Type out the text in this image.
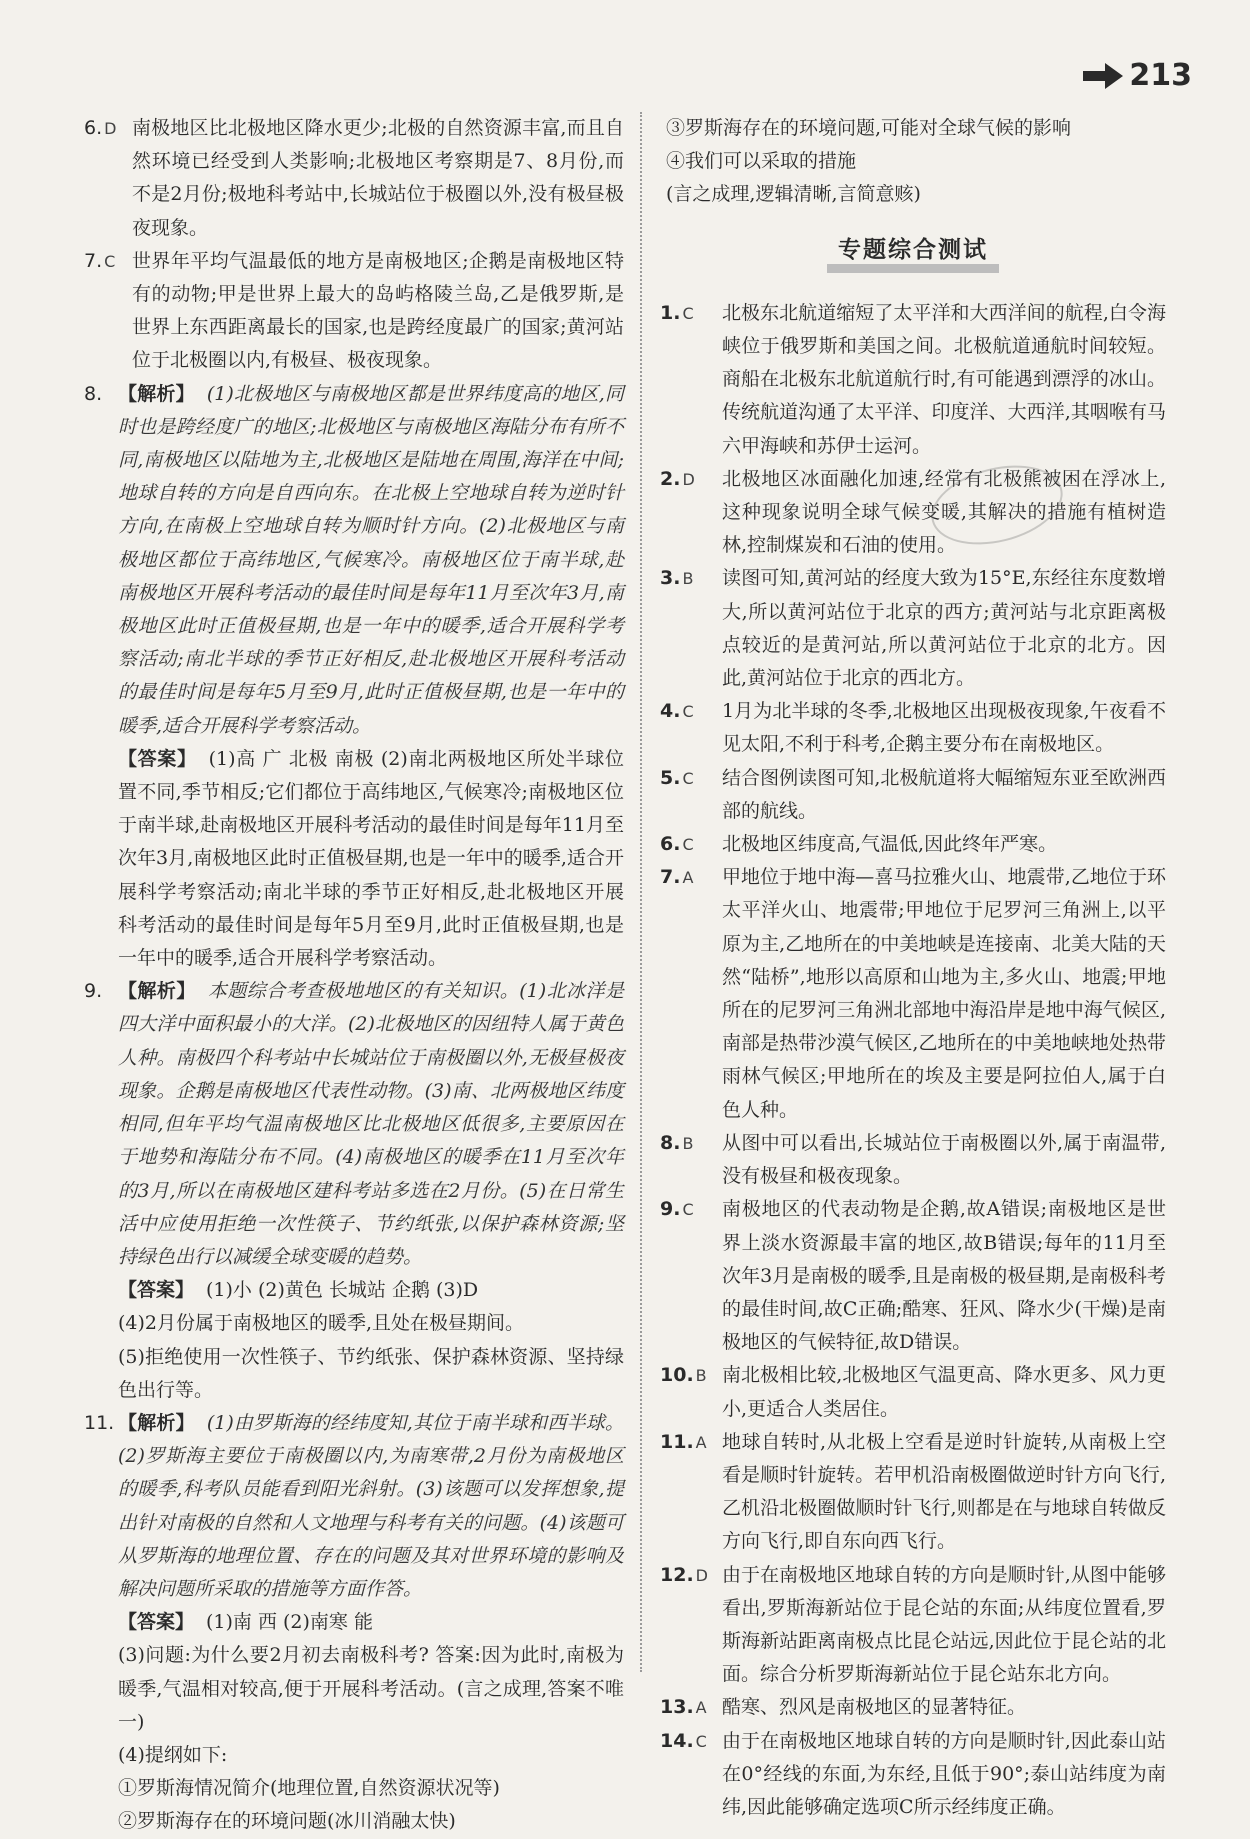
213
6. D 南极地区比北极地区降水更少;北极的自然资源丰富,而且自然环境已经受到人类影响;北极地区考察期是7、8月份,而不是2月份;极地科考站中,长城站位于极圈以外,没有极昼极夜现象。
7. C 世界年平均气温最低的地方是南极地区;企鹅是南极地区特有的动物;甲是世界上最大的岛屿格陵兰岛,乙是俄罗斯,是世界上东西距离最长的国家,也是跨经度最广的国家;黄河站位于北极圈以内,有极昼、极夜现象。
8. 【解析】 (1)北极地区与南极地区都是世界纬度高的地区,同时也是跨经度广的地区;北极地区与南极地区海陆分布有所不同,南极地区以陆地为主,北极地区是陆地在周围,海洋在中间;地球自转的方向是自西向东。在北极上空地球自转为逆时针方向,在南极上空地球自转为顺时针方向。(2)北极地区与南极地区都位于高纬地区,气候寒冷。南极地区位于南半球,赴南极地区开展科考活动的最佳时间是每年11月至次年3月,南极地区此时正值极昼期,也是一年中的暖季,适合开展科学考察活动;南北半球的季节正好相反,赴北极地区开展科考活动的最佳时间是每年5月至9月,此时正值极昼期,也是一年中的暖季,适合开展科学考察活动。

【答案】 (1)高 广 北极 南极 (2)南北两极地区所处半球位置不同,季节相反;它们都位于高纬地区,气候寒冷;南极地区位于南半球,赴南极地区开展科考活动的最佳时间是每年11月至次年3月,南极地区此时正值极昼期,也是一年中的暖季,适合开展科学考察活动;南北半球的季节正好相反,赴北极地区开展科考活动的最佳时间是每年5月至9月,此时正值极昼期,也是一年中的暖季,适合开展科学考察活动。

9. 【解析】 本题综合考查极地地区的有关知识。(1)北冰洋是四大洋中面积最小的大洋。(2)北极地区的因纽特人属于黄色人种。南极四个科考站中长城站位于南极圈以外,无极昼极夜现象。企鹅是南极地区代表性动物。(3)南、北两极地区纬度相同,但年平均气温南极地区比北极地区低很多,主要原因在于地势和海陆分布不同。(4)南极地区的暖季在11月至次年的3月,所以在南极地区建科考站多选在2月份。(5)在日常生活中应使用拒绝一次性筷子、节约纸张,以保护森林资源;坚持绿色出行以减缓全球变暖的趋势。

【答案】 (1)小 (2)黄色 长城站 企鹅 (3)D

(4)2月份属于南极地区的暖季,且处在极昼期间。

(5)拒绝使用一次性筷子、节约纸张、保护森林资源、坚持绿色出行等。

11. 【解析】 (1)由罗斯海的经纬度知,其位于南半球和西半球。(2)罗斯海主要位于南极圈以内,为南寒带,2月份为南极地区的暖季,科考队员能看到阳光斜射。(3)该题可以发挥想象,提出针对南极的自然和人文地理与科考有关的问题。(4)该题可从罗斯海的地理位置、存在的问题及其对世界环境的影响及解决问题所采取的措施等方面作答。

【答案】 (1)南 西 (2)南寒 能

(3)问题:为什么要2月初去南极科考? 答案:因为此时,南极为暖季,气温相对较高,便于开展科考活动。(言之成理,答案不唯一)

(4)提纲如下:

①罗斯海情况简介(地理位置,自然资源状况等)

②罗斯海存在的环境问题(冰川消融太快)

③罗斯海存在的环境问题,可能对全球气候的影响

④我们可以采取的措施

(言之成理,逻辑清晰,言简意赅)

专题综合测试
1. C	北极东北航道缩短了太平洋和大西洋间的航程,白令海峡位于俄罗斯和美国之间。北极航道通航时间较短。商船在北极东北航道航行时,有可能遇到漂浮的冰山。传统航道沟通了太平洋、印度洋、大西洋,其咽喉有马六甲海峡和苏伊士运河。
2. D	北极地区冰面融化加速,经常有北极熊被困在浮冰上,这种现象说明全球气候变暖,其解决的措施有植树造林,控制煤炭和石油的使用。
3. B	读图可知,黄河站的经度大致为15°E,东经往东度数增大,所以黄河站位于北京的西方;黄河站与北京距离极点较近的是黄河站,所以黄河站位于北京的北方。因此,黄河站位于北京的西北方。
4. C	1月为北半球的冬季,北极地区出现极夜现象,午夜看不见太阳,不利于科考,企鹅主要分布在南极地区。
5. C	结合图例读图可知,北极航道将大幅缩短东亚至欧洲西部的航线。
6. C	北极地区纬度高,气温低,因此终年严寒。
7. A	甲地位于地中海—喜马拉雅火山、地震带,乙地位于环太平洋火山、地震带;甲地位于尼罗河三角洲上,以平原为主,乙地所在的中美地峡是连接南、北美大陆的天然“陆桥”,地形以高原和山地为主,多火山、地震;甲地所在的尼罗河三角洲北部地中海沿岸是地中海气候区,南部是热带沙漠气候区,乙地所在的中美地峡地处热带雨林气候区;甲地所在的埃及主要是阿拉伯人,属于白色人种。
8. B	从图中可以看出,长城站位于南极圈以外,属于南温带,没有极昼和极夜现象。
9. C	南极地区的代表动物是企鹅,故A错误;南极地区是世界上淡水资源最丰富的地区,故B错误;每年的11月至次年3月是南极的暖季,且是南极的极昼期,是南极科考的最佳时间,故C正确;酷寒、狂风、降水少(干燥)是南极地区的气候特征,故D错误。
10. B 南北极相比较,北极地区气温更高、降水更多、风力更小,更适合人类居住。
11. A 地球自转时,从北极上空看是逆时针旋转,从南极上空看是顺时针旋转。若甲机沿南极圈做逆时针方向飞行,乙机沿北极圈做顺时针飞行,则都是在与地球自转做反方向飞行,即自东向西飞行。
12. D 由于在南极地区地球自转的方向是顺时针,从图中能够看出,罗斯海新站位于昆仑站的东面;从纬度位置看,罗斯海新站距离南极点比昆仑站远,因此位于昆仑站的北面。综合分析罗斯海新站位于昆仑站东北方向。
13. A 酷寒、烈风是南极地区的显著特征。
14. C 由于在南极地区地球自转的方向是顺时针,因此泰山站在0°经线的东面,为东经,且低于90°;泰山站纬度为南纬,因此能够确定选项C所示经纬度正确。
